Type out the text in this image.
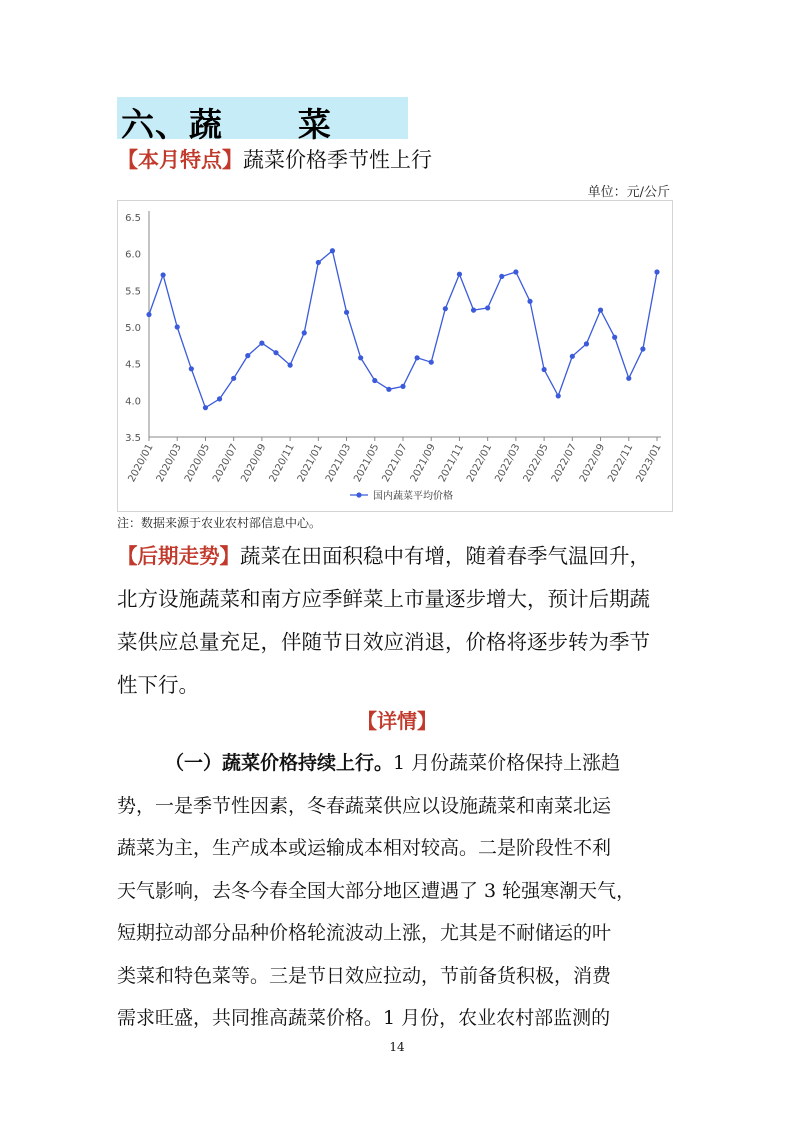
六、蔬      菜
【本月特点】蔬菜价格季节性上行
单位：元/公斤
6.5
6.0
5.5
5.0
4.5
4.0
3.5
2020/01 2020/03 2020/05 2020/07 2020/09 2020/11 2021/01 2021/03 2021/05 2021/07 2021/09 2021/11 2022/01 2022/03 2022/05 2022/07 2022/09 2022/11 2023/01
国内蔬菜平均价格
注：数据来源于农业农村部信息中心。

【后期走势】蔬菜在田面积稳中有增，随着春季气温回升，

北方设施蔬菜和南方应季鲜菜上市量逐步增大，预计后期蔬

菜供应总量充足，伴随节日效应消退，价格将逐步转为季节

性下行。

【详情】

（一）蔬菜价格持续上行。1 月份蔬菜价格保持上涨趋

势，一是季节性因素，冬春蔬菜供应以设施蔬菜和南菜北运

蔬菜为主，生产成本或运输成本相对较高。二是阶段性不利

天气影响，去冬今春全国大部分地区遭遇了 3 轮强寒潮天气，

短期拉动部分品种价格轮流波动上涨，尤其是不耐储运的叶

类菜和特色菜等。三是节日效应拉动，节前备货积极，消费

需求旺盛，共同推高蔬菜价格。1 月份，农业农村部监测的

14
